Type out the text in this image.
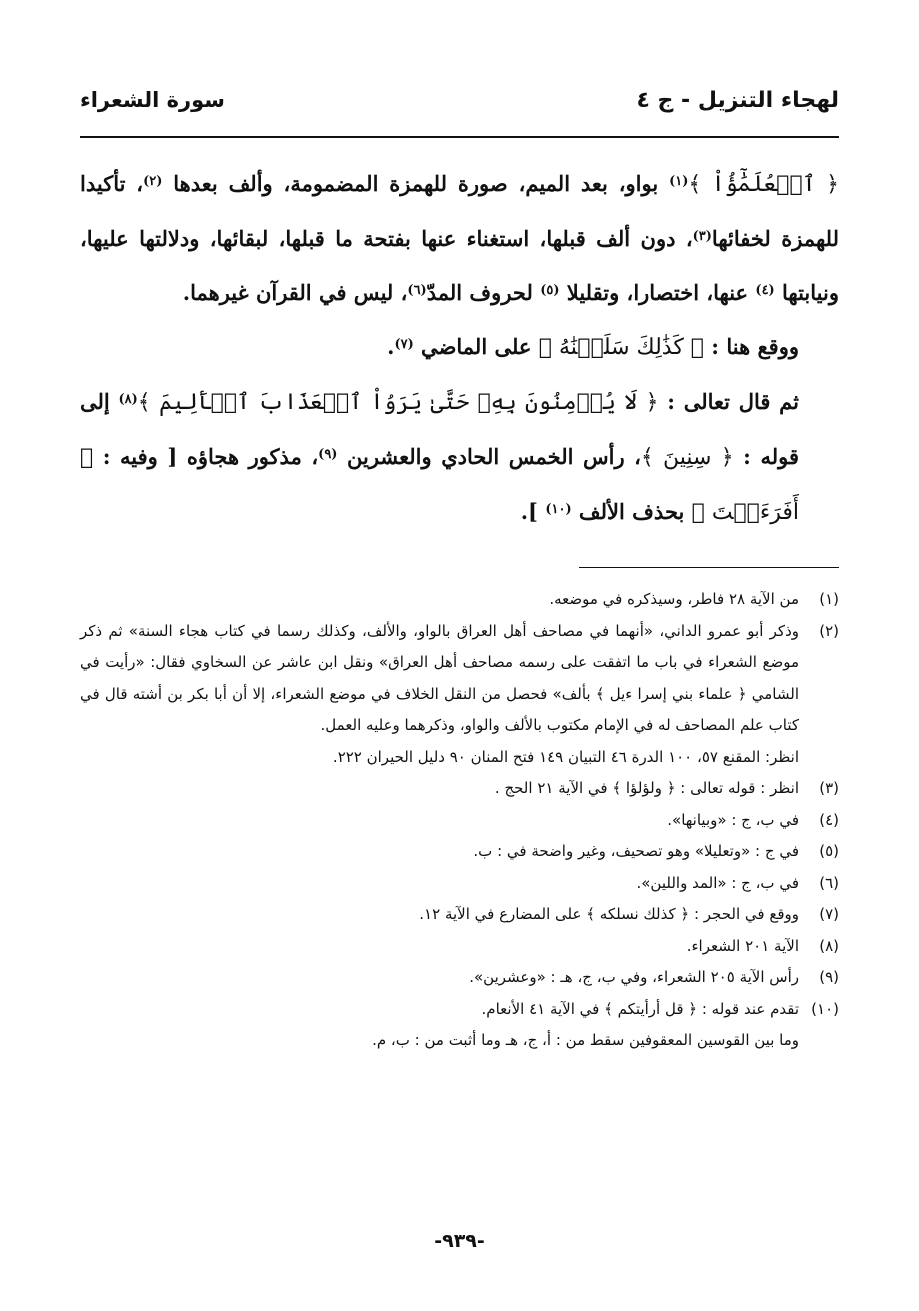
لهجاء التنزيل - ج ٤
سورة الشعراء

﴿ ٱلۡعُلَمَٰٓؤُاْ ﴾$^{(١)}$ بواو، بعد الميم، صورة للهمزة المضمومة، وألف بعدها $^{(٢)}$، تأكيدا للهمزة لخفائها$^{(٣)}$، دون ألف قبلها، استغناء عنها بفتحة ما قبلها، لبقائها، ودلالتها عليها، ونيابتها $^{(٤)}$ عنها، اختصارا، وتقليلا $^{(٥)}$ لحروف المدّ$^{(٦)}$، ليس في القرآن غيرهما.

ووقع هنا : ﴿ كَذَٰلِكَ سَلَكۡنَٰهُ ﴾ على الماضي $^{(٧)}$.

ثم قال تعالى : ﴿ لَا يُؤۡمِنُونَ بِهِۦ حَتَّىٰ يَرَوُاْ ٱلۡعَذَابَ ٱلۡأَلِيمَ ﴾$^{(٨)}$ إلى قوله : ﴿ سِنِينَ ﴾، رأس الخمس الحادي والعشرين $^{(٩)}$، مذكور هجاؤه [ وفيه : ﴿ أَفَرَءَيۡتَ ﴾ بحذف الألف $^{(١٠)}$ ].

(١)
من الآية ٢٨ فاطر، وسيذكره في موضعه.
(٢)
وذكر أبو عمرو الداني، «أنهما في مصاحف أهل العراق بالواو، والألف، وكذلك رسما في كتاب هجاء السنة» ثم ذكر موضع الشعراء في باب ما اتفقت على رسمه مصاحف أهل العراق» ونقل ابن عاشر عن السخاوي فقال: «رأيت في الشامي ﴿ علماء بني إسرا ءيل ﴾ بألف» فحصل من النقل الخلاف في موضع الشعراء، إلا أن أبا بكر بن أشته قال في كتاب علم المصاحف له في الإمام مكتوب بالألف والواو، وذكرهما وعليه العمل.
انظر: المقنع ٥٧، ١٠٠ الدرة ٤٦ التبيان ١٤٩ فتح المنان ٩٠ دليل الحيران ٢٢٢.
(٣)
انظر : قوله تعالى : ﴿ ولؤلؤا ﴾ في الآية ٢١ الحج .
(٤)
في ب، ج : «وبيانها».
(٥)
في ج : «وتعليلا» وهو تصحيف، وغير واضحة في : ب.
(٦)
في ب، ج : «المد واللين».
(٧)
ووقع في الحجر : ﴿ كذلك نسلكه ﴾ على المضارع في الآية ١٢.
(٨)
الآية ٢٠١ الشعراء.
(٩)
رأس الآية ٢٠٥ الشعراء، وفي ب، ج، هـ : «وعشرين».
(١٠)
تقدم عند قوله : ﴿ قل أرأيتكم ﴾ في الآية ٤١ الأنعام.
وما بين القوسين المعقوفين سقط من : أ، ج، هـ وما أثبت من : ب، م.
-٩٣٩-
